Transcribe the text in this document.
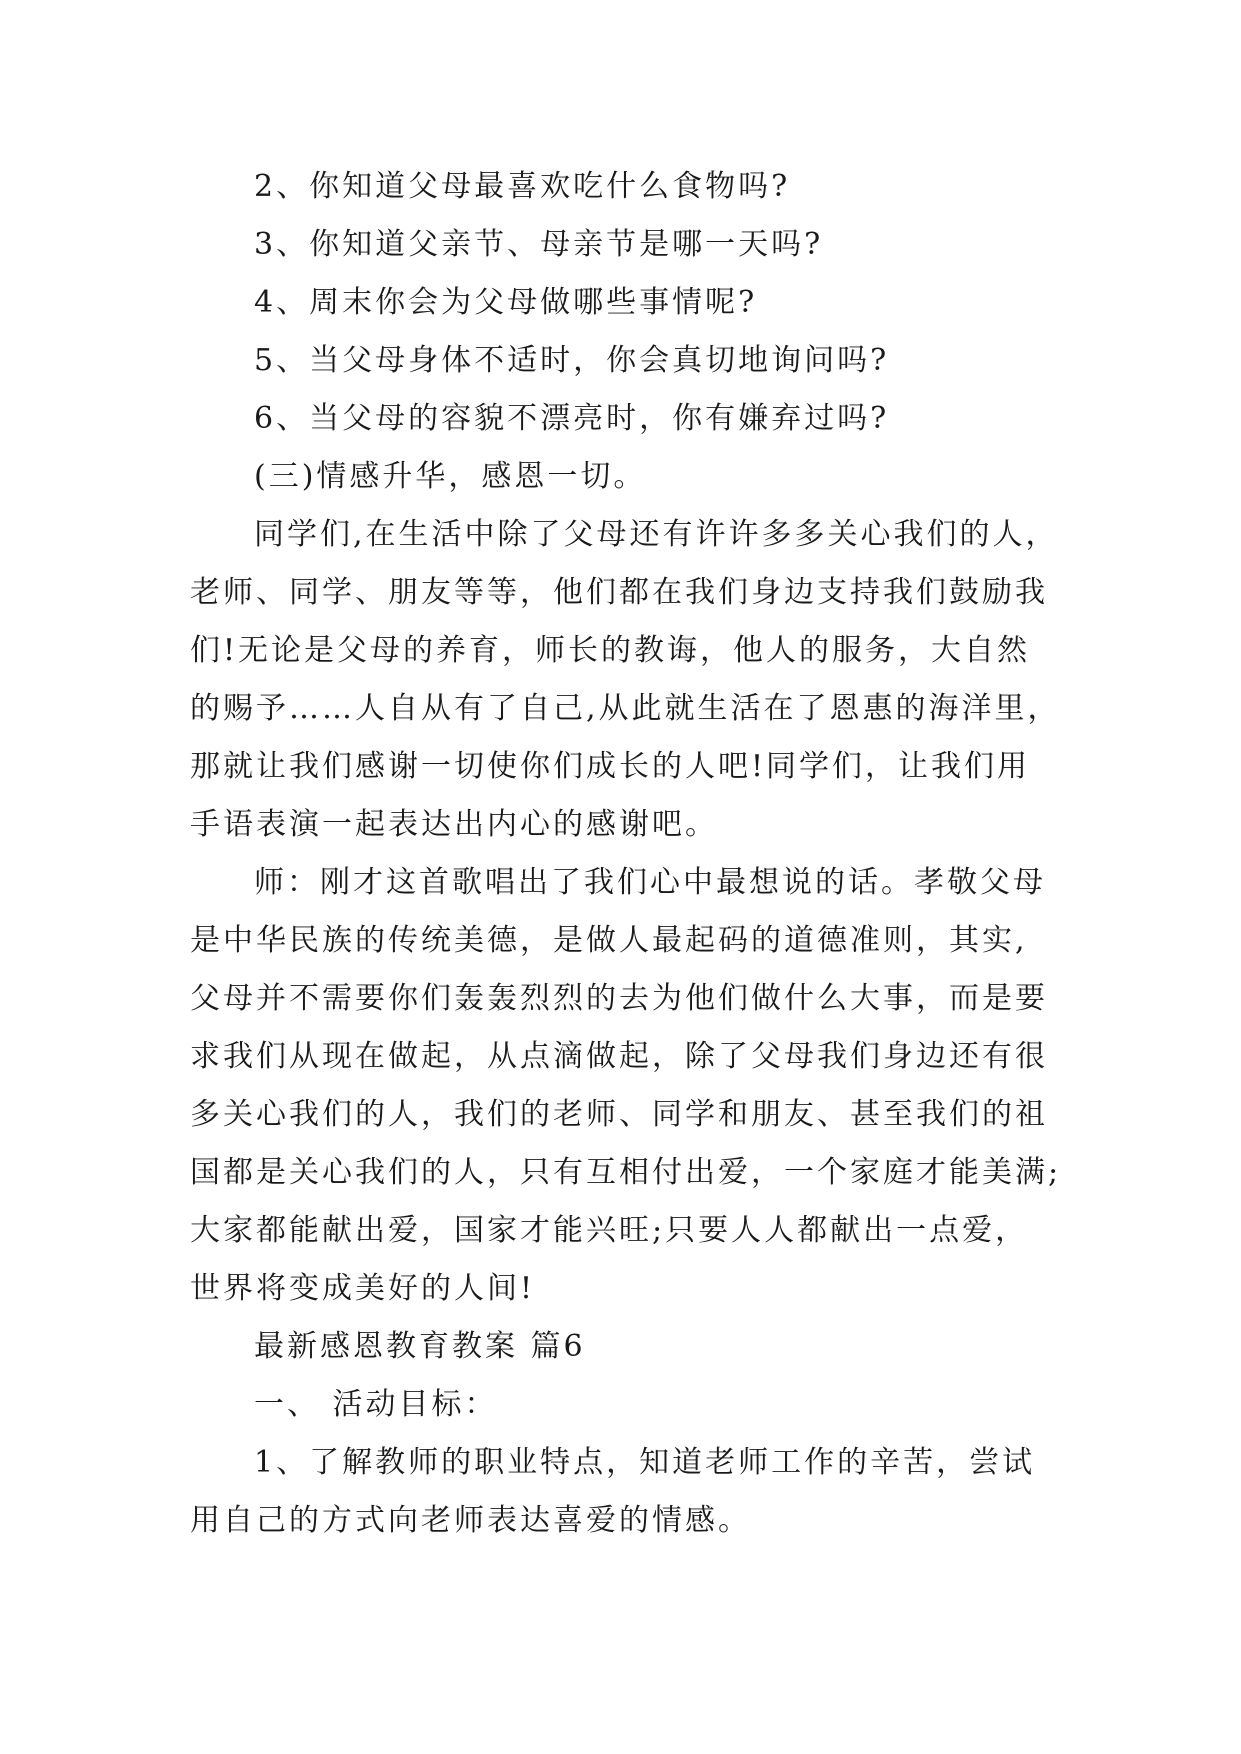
2、你知道父母最喜欢吃什么食物吗?

3、你知道父亲节、母亲节是哪一天吗?

4、周末你会为父母做哪些事情呢?

5、当父母身体不适时，你会真切地询问吗?

6、当父母的容貌不漂亮时，你有嫌弃过吗?

(三)情感升华，感恩一切。

同学们,在生活中除了父母还有许许多多关心我们的人，
老师、同学、朋友等等，他们都在我们身边支持我们鼓励我
们!无论是父母的养育，师长的教诲，他人的服务，大自然
的赐予……人自从有了自己,从此就生活在了恩惠的海洋里，
那就让我们感谢一切使你们成长的人吧!同学们，让我们用
手语表演一起表达出内心的感谢吧。

师：刚才这首歌唱出了我们心中最想说的话。孝敬父母
是中华民族的传统美德，是做人最起码的道德准则，其实,
父母并不需要你们轰轰烈烈的去为他们做什么大事，而是要
求我们从现在做起，从点滴做起，除了父母我们身边还有很
多关心我们的人，我们的老师、同学和朋友、甚至我们的祖
国都是关心我们的人，只有互相付出爱，一个家庭才能美满;
大家都能献出爱，国家才能兴旺;只要人人都献出一点爱，
世界将变成美好的人间!

最新感恩教育教案 篇6

一、 活动目标：

1、了解教师的职业特点，知道老师工作的辛苦，尝试
用自己的方式向老师表达喜爱的情感。
